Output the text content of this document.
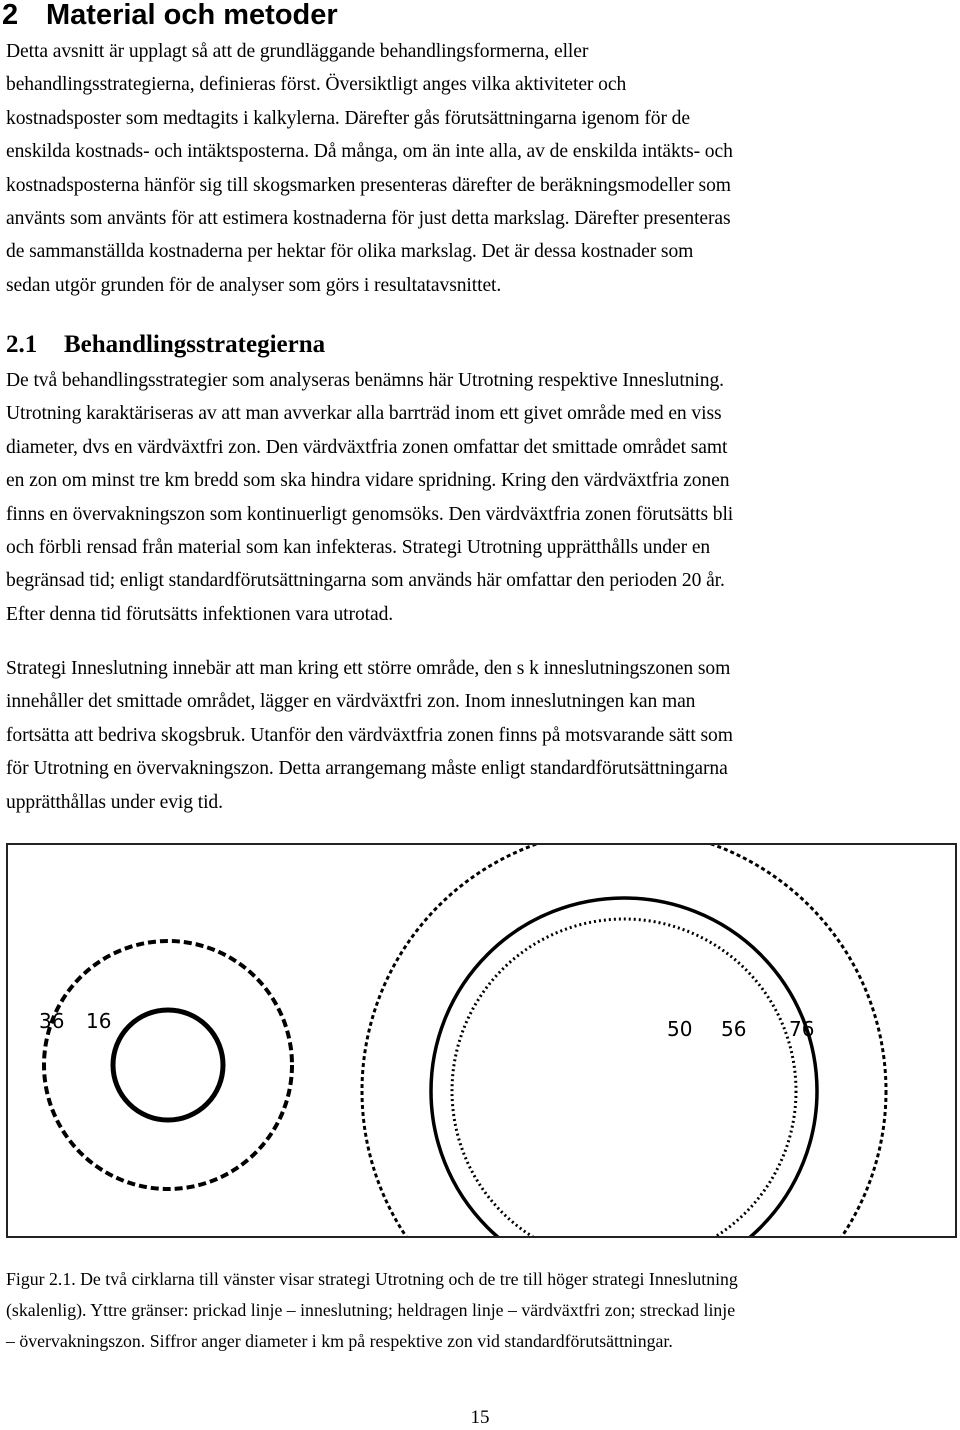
2 Material och metoder

Detta avsnitt är upplagt så att de grundläggande behandlingsformerna, eller
behandlingsstrategierna, definieras först. Översiktligt anges vilka aktiviteter och
kostnadsposter som medtagits i kalkylerna. Därefter gås förutsättningarna igenom för de
enskilda kostnads- och intäktsposterna. Då många, om än inte alla, av de enskilda intäkts- och
kostnadsposterna hänför sig till skogsmarken presenteras därefter de beräkningsmodeller som
använts som använts för att estimera kostnaderna för just detta markslag. Därefter presenteras
de sammanställda kostnaderna per hektar för olika markslag. Det är dessa kostnader som
sedan utgör grunden för de analyser som görs i resultatavsnittet.

2.1 Behandlingsstrategierna

De två behandlingsstrategier som analyseras benämns här Utrotning respektive Inneslutning.
Utrotning karaktäriseras av att man avverkar alla barrträd inom ett givet område med en viss
diameter, dvs en värdväxtfri zon. Den värdväxtfria zonen omfattar det smittade området samt
en zon om minst tre km bredd som ska hindra vidare spridning. Kring den värdväxtfria zonen
finns en övervakningszon som kontinuerligt genomsöks. Den värdväxtfria zonen förutsätts bli
och förbli rensad från material som kan infekteras. Strategi Utrotning upprätthålls under en
begränsad tid; enligt standardförutsättningarna som används här omfattar den perioden 20 år.
Efter denna tid förutsätts infektionen vara utrotad.

Strategi Inneslutning innebär att man kring ett större område, den s k inneslutningszonen som
innehåller det smittade området, lägger en värdväxtfri zon. Inom inneslutningen kan man
fortsätta att bedriva skogsbruk. Utanför den värdväxtfria zonen finns på motsvarande sätt som
för Utrotning en övervakningszon. Detta arrangemang måste enligt standardförutsättningarna
upprätthållas under evig tid.

36 16	50 56 76

Figur 2.1. De två cirklarna till vänster visar strategi Utrotning och de tre till höger strategi Inneslutning
(skalenlig). Yttre gränser: prickad linje – inneslutning; heldragen linje – värdväxtfri zon; streckad linje
– övervakningszon. Siffror anger diameter i km på respektive zon vid standardförutsättningar.

15
